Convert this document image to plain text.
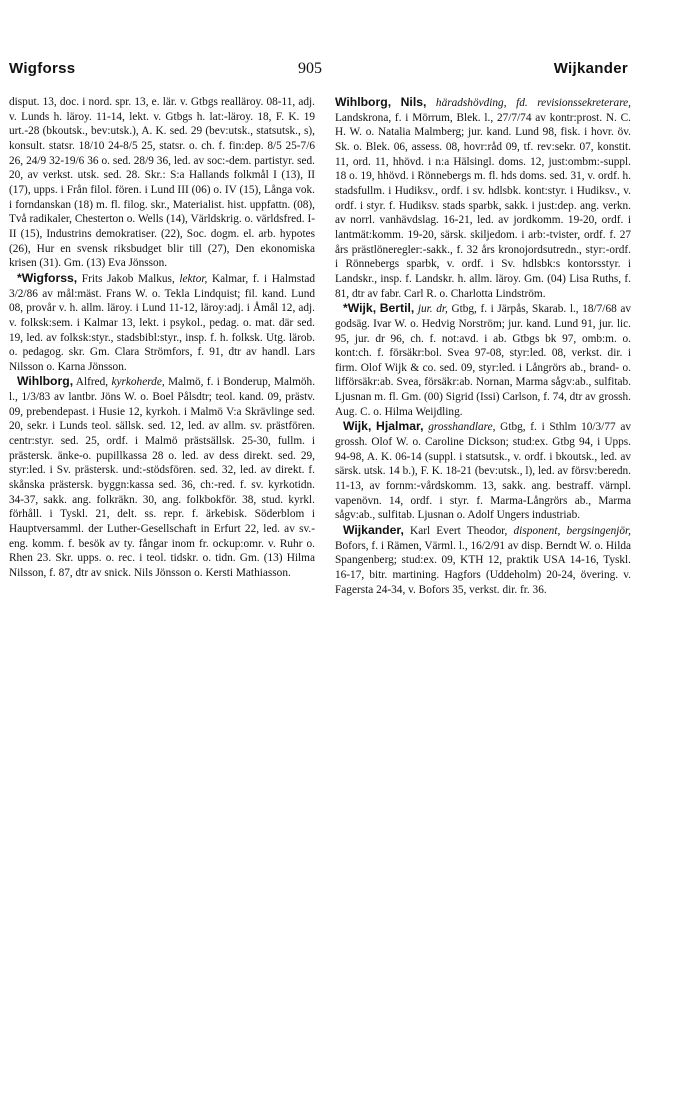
Wigforss	905	Wijkander

disput. 13, doc. i nord. spr. 13, e. lär. v. Gtbgs realläroy. 08-11, adj. v. Lunds h. läroy. 11-14, lekt. v. Gtbgs h. lat:-läroy. 18, F. K. 19 urt.-28 (bkoutsk., bev:utsk.), A. K. sed. 29 (bev:utsk., statsutsk., s), konsult. statsr. 18/10 24-8/5 25, statsr. o. ch. f. fin:dep. 8/5 25-7/6 26, 24/9 32-19/6 36 o. sed. 28/9 36, led. av soc:-dem. partistyr. sed. 20, av verkst. utsk. sed. 28. Skr.: S:a Hallands folkmål I (13), II (17), upps. i Från filol. fören. i Lund III (06) o. IV (15), Långa vok. i forndanskan (18) m. fl. filog. skr., Materialist. hist. uppfattn. (08), Två radikaler, Chesterton o. Wells (14), Världskrig. o. världsfred. I-II (15), Industrins demokratiser. (22), Soc. dogm. el. arb. hypotes (26), Hur en svensk riksbudget blir till (27), Den ekonomiska krisen (31). Gm. (13) Eva Jönsson.

*Wigforss, Frits Jakob Malkus, lektor, Kalmar, f. i Halmstad 3/2/86 av mål:mäst. Frans W. o. Tekla Lindquist; fil. kand. Lund 08, provår v. h. allm. läroy. i Lund 11-12, läroy:adj. i Åmål 12, adj. v. folksk:sem. i Kalmar 13, lekt. i psykol., pedag. o. mat. där sed. 19, led. av folksk:styr., stadsbibl:styr., insp. f. h. folksk. Utg. lärob. o. pedagog. skr. Gm. Clara Strömfors, f. 91, dtr av handl. Lars Nilsson o. Karna Jönsson.

Wihlborg, Alfred, kyrkoherde, Malmö, f. i Bonderup, Malmöh. l., 1/3/83 av lantbr. Jöns W. o. Boel Pålsdtr; teol. kand. 09, prästv. 09, prebendepast. i Husie 12, kyrkoh. i Malmö V:a Skrävlinge sed. 20, sekr. i Lunds teol. sällsk. sed. 12, led. av allm. sv. prästfören. centr:styr. sed. 25, ordf. i Malmö prästsällsk. 25-30, fullm. i prästersk. änke-o. pupillkassa 28 o. led. av dess direkt. sed. 29, styr:led. i Sv. prästersk. und:-stödsfören. sed. 32, led. av direkt. f. skånska prästersk. byggn:kassa sed. 36, ch:-red. f. sv. kyrkotidn. 34-37, sakk. ang. folkräkn. 30, ang. folkbokför. 38, stud. kyrkl. förhåll. i Tyskl. 21, delt. ss. repr. f. ärkebisk. Söderblom i Hauptversamml. der Luther-Gesellschaft in Erfurt 22, led. av sv.-eng. komm. f. besök av ty. fångar inom fr. ockup:omr. v. Ruhr o. Rhen 23. Skr. upps. o. rec. i teol. tidskr. o. tidn. Gm. (13) Hilma Nilsson, f. 87, dtr av snick. Nils Jönsson o. Kersti Mathiasson.

Wihlborg, Nils, häradshövding, fd. revisionssekreterare, Landskrona, f. i Mörrum, Blek. l., 27/7/74 av kontr:prost. N. C. H. W. o. Natalia Malmberg; jur. kand. Lund 98, fisk. i hovr. öv. Sk. o. Blek. 06, assess. 08, hovr:råd 09, tf. rev:sekr. 07, konstit. 11, ord. 11, hhövd. i n:a Hälsingl. doms. 12, just:ombm:-suppl. 18 o. 19, hhövd. i Rönnebergs m. fl. hds doms. sed. 31, v. ordf. h. stadsfullm. i Hudiksv., ordf. i sv. hdlsbk. kont:styr. i Hudiksv., v. ordf. i styr. f. Hudiksv. stads sparbk, sakk. i just:dep. ang. verkn. av norrl. vanhävdslag. 16-21, led. av jordkomm. 19-20, ordf. i lantmät:komm. 19-20, särsk. skiljedom. i arb:-tvister, ordf. f. 27 års prästlöneregler:-sakk., f. 32 års kronojordsutredn., styr:-ordf. i Rönnebergs sparbk, v. ordf. i Sv. hdlsbk:s kontorsstyr. i Landskr., insp. f. Landskr. h. allm. läroy. Gm. (04) Lisa Ruths, f. 81, dtr av fabr. Carl R. o. Charlotta Lindström.

*Wijk, Bertil, jur. dr, Gtbg, f. i Järpås, Skarab. l., 18/7/68 av godsäg. Ivar W. o. Hedvig Norström; jur. kand. Lund 91, jur. lic. 95, jur. dr 96, ch. f. not:avd. i ab. Gtbgs bk 97, omb:m. o. kont:ch. f. försäkr:bol. Svea 97-08, styr:led. 08, verkst. dir. i firm. Olof Wijk & co. sed. 09, styr:led. i Långrörs ab., brand- o. lifförsäkr:ab. Svea, försäkr:ab. Nornan, Marma sågv:ab., sulfitab. Ljusnan m. fl. Gm. (00) Sigrid (Issi) Carlson, f. 74, dtr av grossh. Aug. C. o. Hilma Weijdling.

Wijk, Hjalmar, grosshandlare, Gtbg, f. i Sthlm 10/3/77 av grossh. Olof W. o. Caroline Dickson; stud:ex. Gtbg 94, i Upps. 94-98, A. K. 06-14 (suppl. i statsutsk., v. ordf. i bkoutsk., led. av särsk. utsk. 14 b.), F. K. 18-21 (bev:utsk., l), led. av försv:beredn. 11-13, av fornm:-vårdskomm. 13, sakk. ang. bestraff. värnpl. vapenövn. 14, ordf. i styr. f. Marma-Långrörs ab., Marma sågv:ab., sulfitab. Ljusnan o. Adolf Ungers industriab.

Wijkander, Karl Evert Theodor, disponent, bergsingenjör, Bofors, f. i Rämen, Värml. l., 16/2/91 av disp. Berndt W. o. Hilda Spangenberg; stud:ex. 09, KTH 12, praktik USA 14-16, Tyskl. 16-17, bitr. martining. Hagfors (Uddeholm) 20-24, övering. v. Fagersta 24-34, v. Bofors 35, verkst. dir. fr. 36.
